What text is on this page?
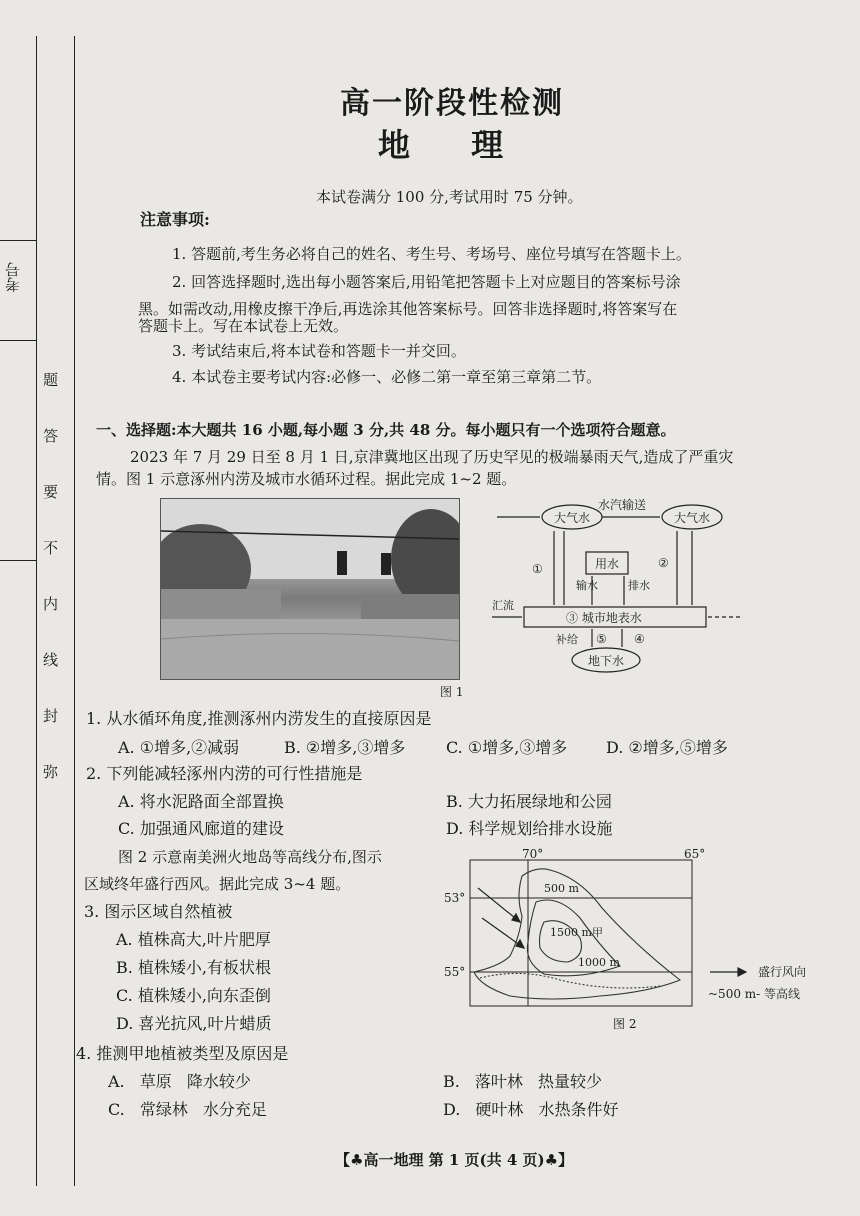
考号
题
答
要
不
内
线
封
弥
高一阶段性检测
地 理
本试卷满分 100 分,考试用时 75 分钟。
注意事项:
1. 答题前,考生务必将自己的姓名、考生号、考场号、座位号填写在答题卡上。
2. 回答选择题时,选出每小题答案后,用铅笔把答题卡上对应题目的答案标号涂
黑。如需改动,用橡皮擦干净后,再选涂其他答案标号。回答非选择题时,将答案写在
答题卡上。写在本试卷上无效。
3. 考试结束后,将本试卷和答题卡一并交回。
4. 本试卷主要考试内容:必修一、必修二第一章至第三章第二节。
一、选择题:本大题共 16 小题,每小题 3 分,共 48 分。每小题只有一个选项符合题意。
2023 年 7 月 29 日至 8 月 1 日,京津冀地区出现了历史罕见的极端暴雨天气,造成了严重灾
情。图 1 示意涿州内涝及城市水循环过程。据此完成 1~2 题。
大气水
水汽输送
大气水
①	②
用水
输水	排水
汇流
③ 城市地表水
补给 ⑤ ④
地下水
图 1
1. 从水循环角度,推测涿州内涝发生的直接原因是
A. ①增多,②减弱	B. ②增多,③增多	C. ①增多,③增多 D. ②增多,⑤增多
2. 下列能减轻涿州内涝的可行性措施是
A. 将水泥路面全部置换	B. 大力拓展绿地和公园
C. 加强通风廊道的建设	D. 科学规划给排水设施
图 2 示意南美洲火地岛等高线分布,图示
区域终年盛行西风。据此完成 3~4 题。
70°	65°
53°
55°
500 m
1500 m 甲
1000 m
盛行风向
~500 m- 等高线
图 2
3. 图示区域自然植被
A. 植株高大,叶片肥厚
B. 植株矮小,有板状根
C. 植株矮小,向东歪倒
D. 喜光抗风,叶片蜡质
4. 推测甲地植被类型及原因是
A. 草原 降水较少	B. 落叶林 热量较少
C. 常绿林 水分充足	D. 硬叶林 水热条件好
【♣高一地理 第 1 页(共 4 页)♣】
